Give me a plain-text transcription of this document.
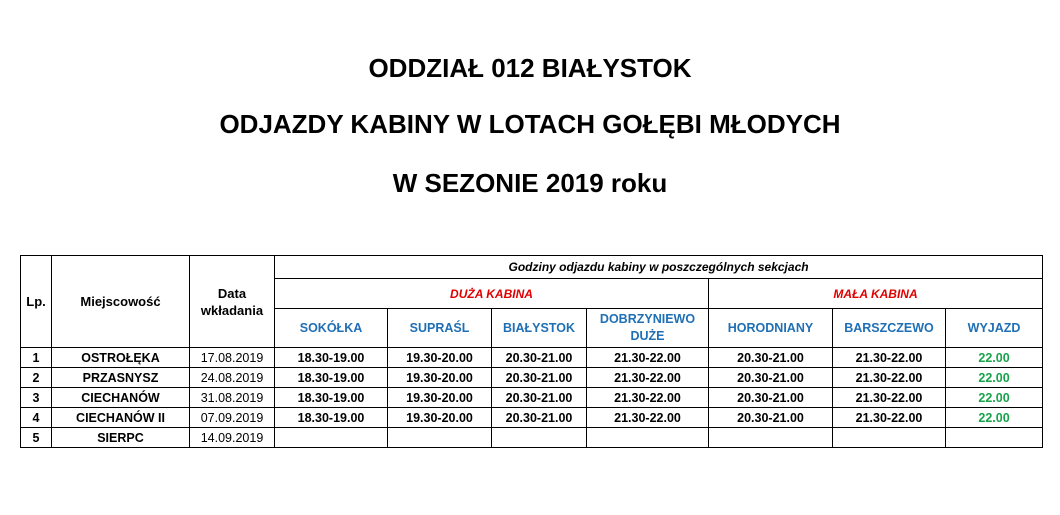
ODDZIAŁ 012 BIAŁYSTOK
ODJAZDY KABINY W LOTACH GOŁĘBI MŁODYCH
W SEZONIE 2019 roku
Lp.	Miejscowość	Data wkładania	Godziny odjazdu kabiny w poszczególnych sekcjach						
			DUŻA KABINA				MAŁA KABINA		
			SOKÓŁKA	SUPRAŚL	BIAŁYSTOK	DOBRZYNIEWO DUŻE	HORODNIANY	BARSZCZEWO	WYJAZD
1	OSTROŁĘKA	17.08.2019	18.30-19.00	19.30-20.00	20.30-21.00	21.30-22.00	20.30-21.00	21.30-22.00	22.00
2	PRZASNYSZ	24.08.2019	18.30-19.00	19.30-20.00	20.30-21.00	21.30-22.00	20.30-21.00	21.30-22.00	22.00
3	CIECHANÓW	31.08.2019	18.30-19.00	19.30-20.00	20.30-21.00	21.30-22.00	20.30-21.00	21.30-22.00	22.00
4	CIECHANÓW II	07.09.2019	18.30-19.00	19.30-20.00	20.30-21.00	21.30-22.00	20.30-21.00	21.30-22.00	22.00
5	SIERPC	14.09.2019							
